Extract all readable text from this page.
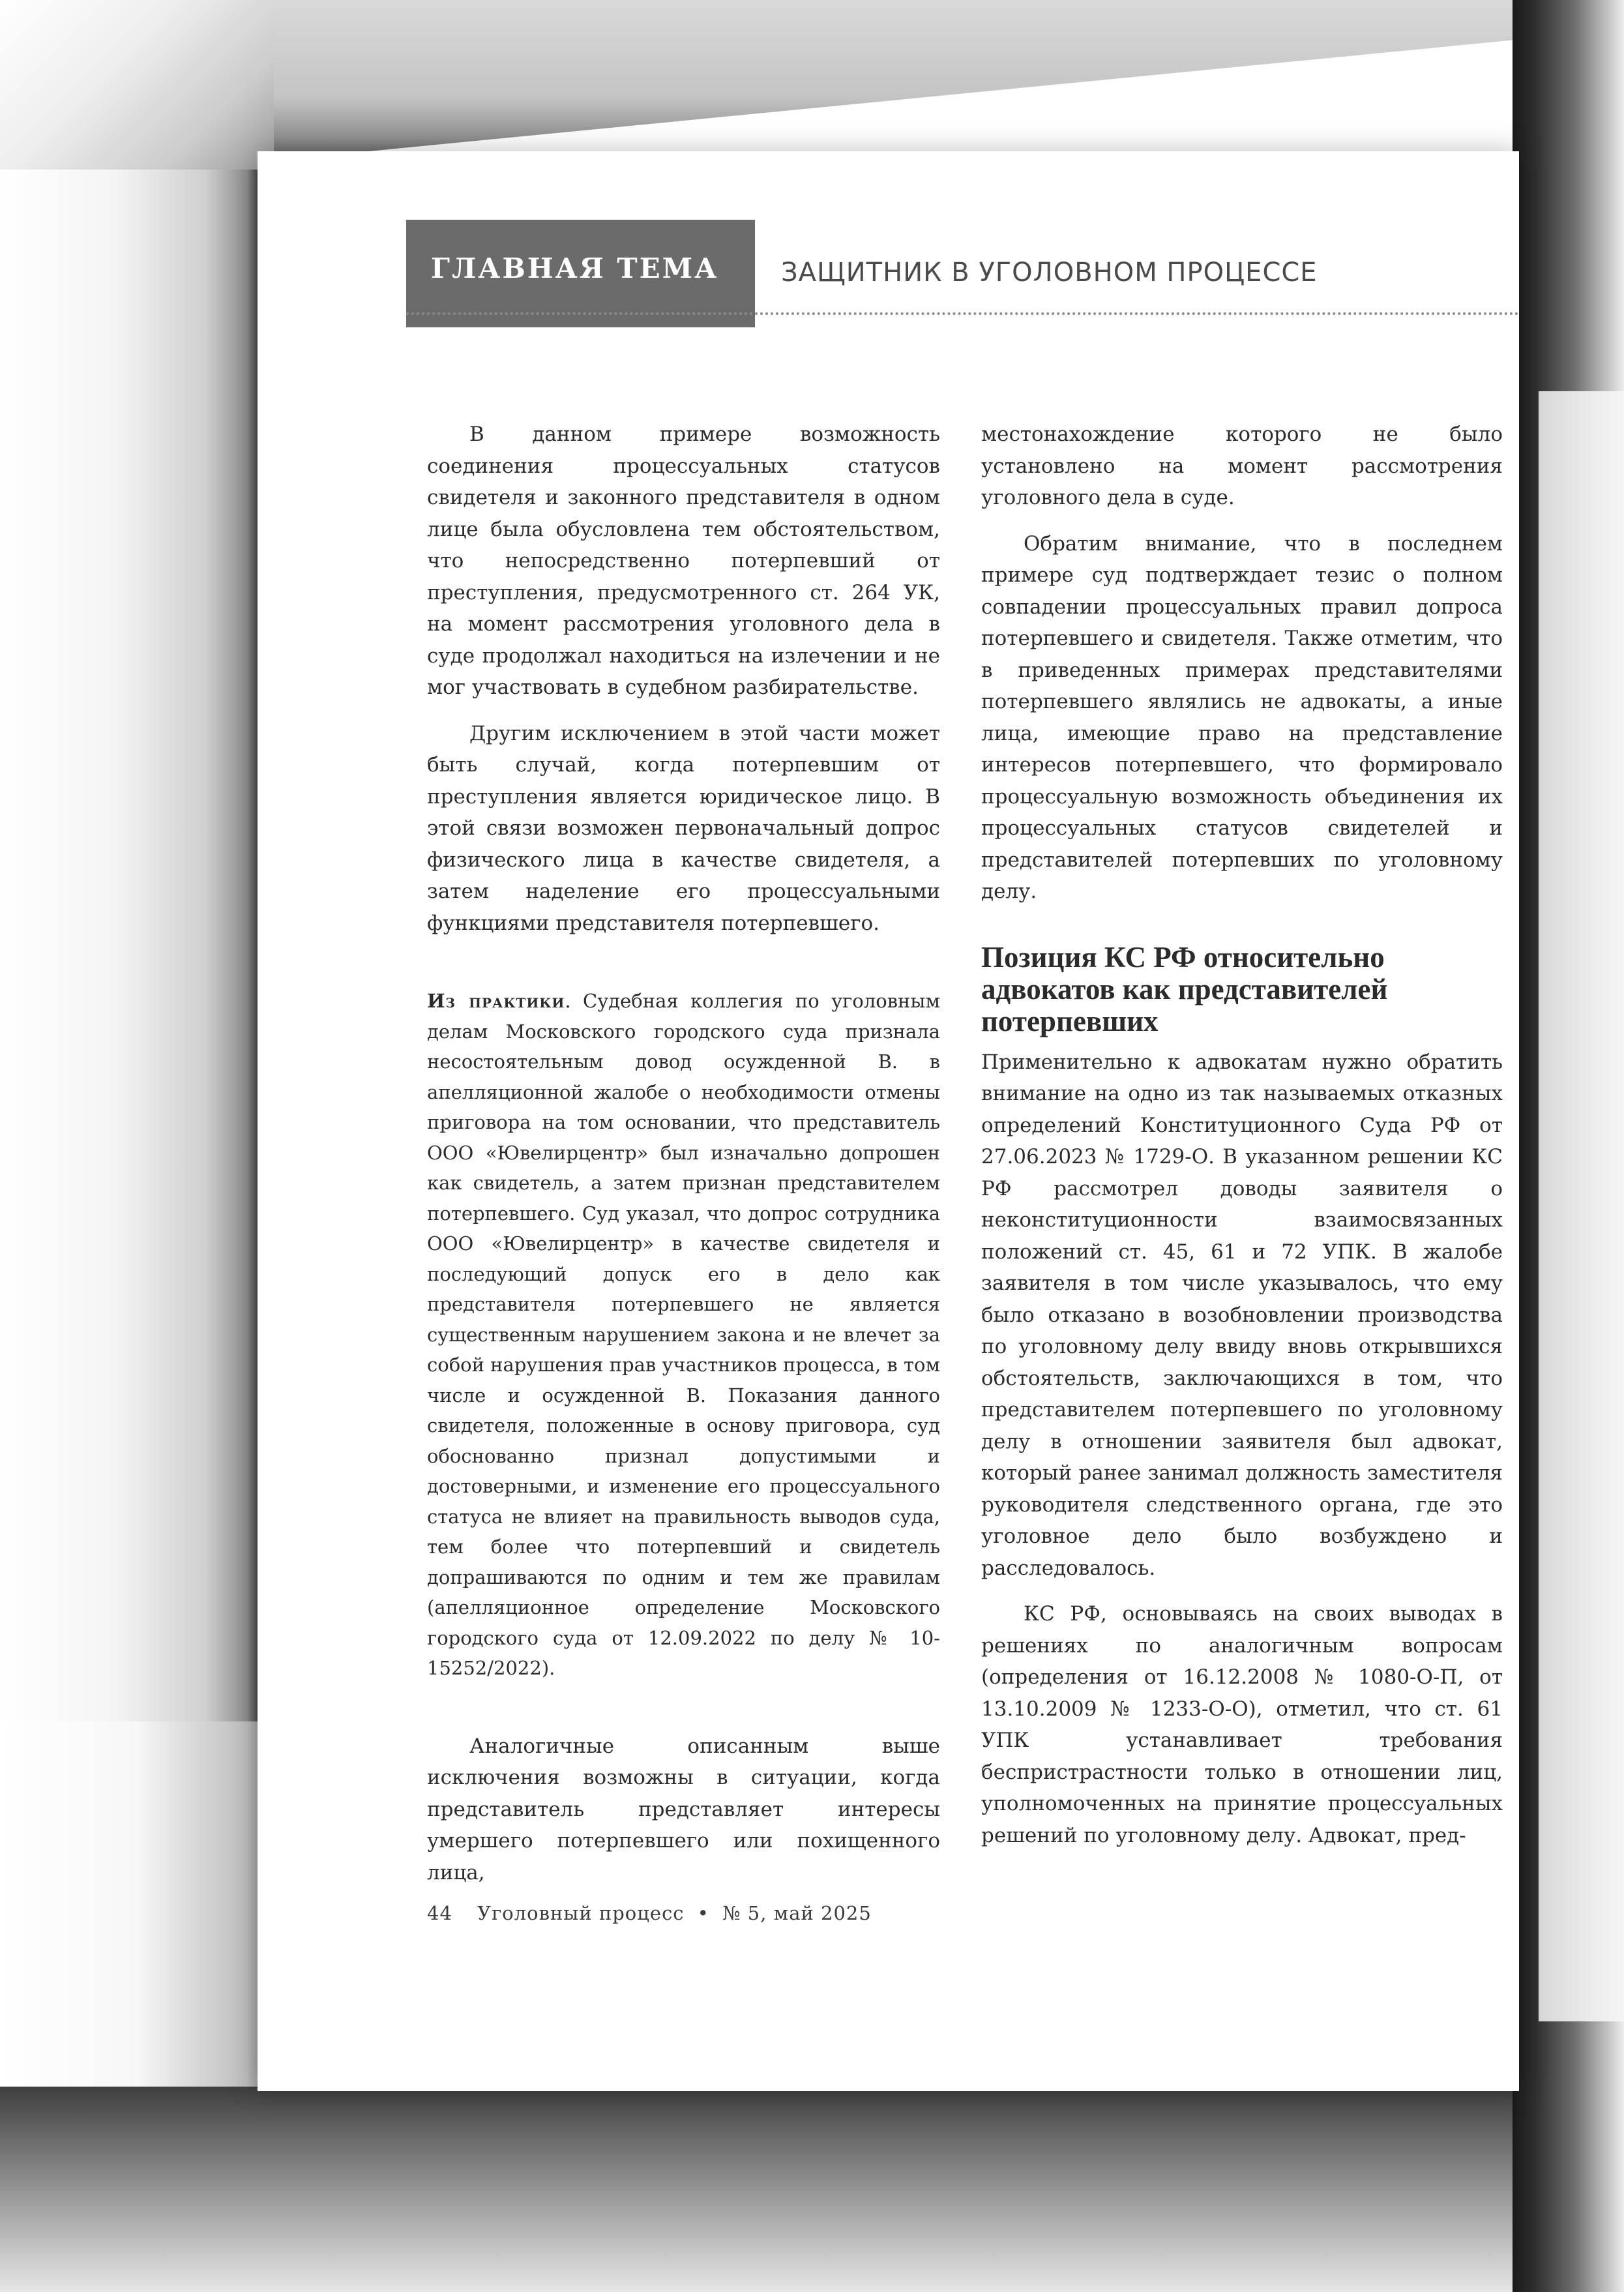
ГЛАВНАЯ ТЕМА ЗАЩИТНИК В УГОЛОВНОМ ПРОЦЕССЕ

В данном примере возможность соединения процессуальных статусов свидетеля и законного представителя в одном лице была обусловлена тем обстоятельством, что непосредственно потерпевший от преступления, предусмотренного ст. 264 УК, на момент рассмотрения уголовного дела в суде продолжал находиться на излечении и не мог участвовать в судебном разбирательстве.

Другим исключением в этой части может быть случай, когда потерпевшим от преступления является юридическое лицо. В этой связи возможен первоначальный допрос физического лица в качестве свидетеля, а затем наделение его процессуальными функциями представителя потерпевшего.

Из практики. Судебная коллегия по уголовным делам Московского городского суда признала несостоятельным довод осужденной В. в апелляционной жалобе о необходимости отмены приговора на том основании, что представитель ООО «Ювелирцентр» был изначально допрошен как свидетель, а затем признан представителем потерпевшего. Суд указал, что допрос сотрудника ООО «Ювелирцентр» в качестве свидетеля и последующий допуск его в дело как представителя потерпевшего не является существенным нарушением закона и не влечет за собой нарушения прав участников процесса, в том числе и осужденной В. Показания данного свидетеля, положенные в основу приговора, суд обоснованно признал допустимыми и достоверными, и изменение его процессуального статуса не влияет на правильность выводов суда, тем более что потерпевший и свидетель допрашиваются по одним и тем же правилам (апелляционное определение Московского городского суда от 12.09.2022 по делу № 10-15252/2022).

Аналогичные описанным выше исключения возможны в ситуации, когда представитель представляет интересы умершего потерпевшего или похищенного лица,

местонахождение которого не было установлено на момент рассмотрения уголовного дела в суде.

Обратим внимание, что в последнем примере суд подтверждает тезис о полном совпадении процессуальных правил допроса потерпевшего и свидетеля. Также отметим, что в приведенных примерах представителями потерпевшего являлись не адвокаты, а иные лица, имеющие право на представление интересов потерпевшего, что формировало процессуальную возможность объединения их процессуальных статусов свидетелей и представителей потерпевших по уголовному делу.

Позиция КС РФ относительно адвокатов как представителей потерпевших

Применительно к адвокатам нужно обратить внимание на одно из так называемых отказных определений Конституционного Суда РФ от 27.06.2023 № 1729-О. В указанном решении КС РФ рассмотрел доводы заявителя о неконституционности взаимосвязанных положений ст. 45, 61 и 72 УПК. В жалобе заявителя в том числе указывалось, что ему было отказано в возобновлении производства по уголовному делу ввиду вновь открывшихся обстоятельств, заключающихся в том, что представителем потерпевшего по уголовному делу в отношении заявителя был адвокат, который ранее занимал должность заместителя руководителя следственного органа, где это уголовное дело было возбуждено и расследовалось.

КС РФ, основываясь на своих выводах в решениях по аналогичным вопросам (определения от 16.12.2008 № 1080-О-П, от 13.10.2009 № 1233-О-О), отметил, что ст. 61 УПК устанавливает требования беспристрастности только в отношении лиц, уполномоченных на принятие процессуальных решений по уголовному делу. Адвокат, пред-

44 Уголовный процесс • № 5, май 2025
